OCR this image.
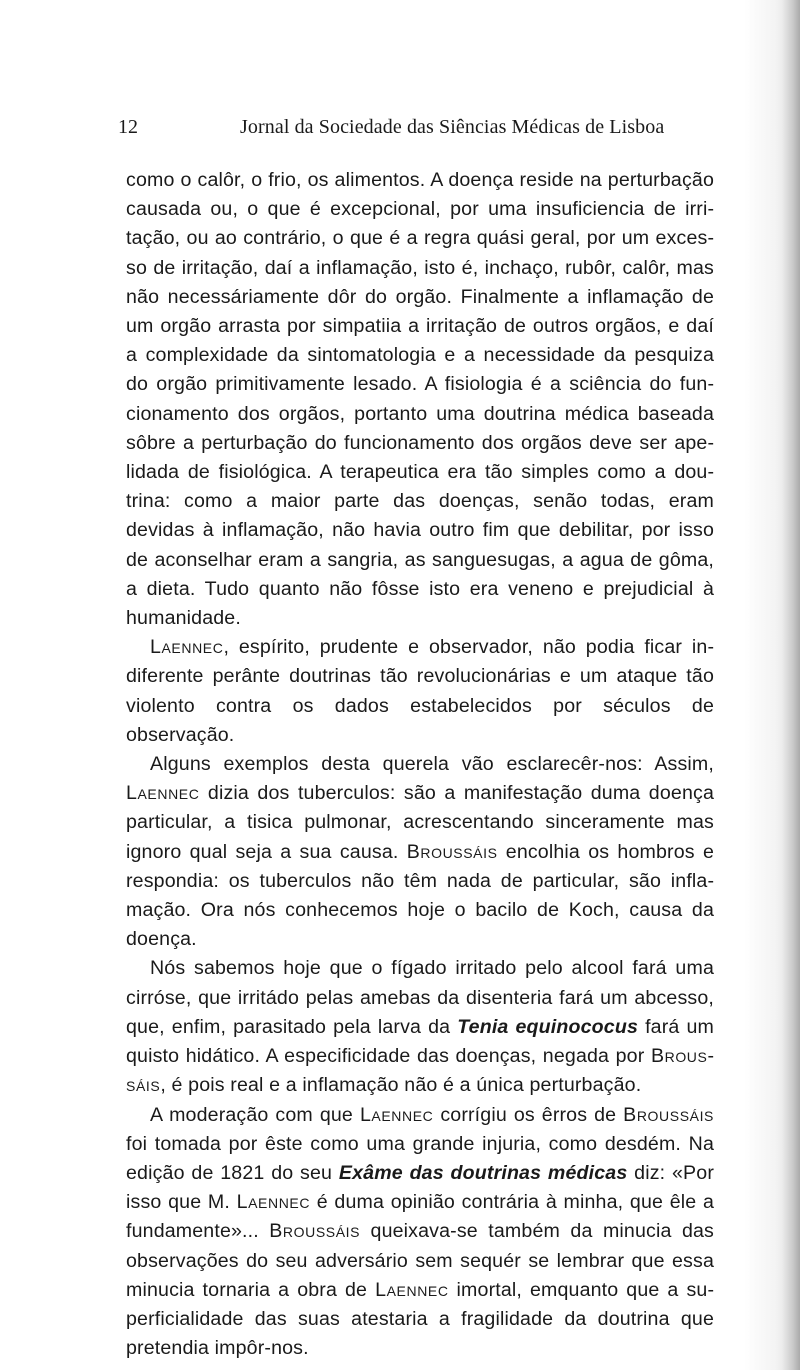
12	Jornal da Sociedade das Siências Médicas de Lisboa

como o calôr, o frio, os alimentos. A doença reside na perturbação causada ou, o que é excepcional, por uma insuficiencia de irritação, ou ao contrário, o que é a regra quási geral, por um excesso de irritação, daí a inflamação, isto é, inchaço, rubôr, calôr, mas não necessáriamente dôr do orgão. Finalmente a inflamação de um orgão arrasta por simpatiia a irritação de outros orgãos, e daí a complexidade da sintomatologia e a necessidade da pesquiza do orgão primitivamente lesado. A fisiologia é a sciência do funcionamento dos orgãos, portanto uma doutrina médica baseada sôbre a perturbação do funcionamento dos orgãos deve ser apelidada de fisiológica. A terapeutica era tão simples como a doutrina: como a maior parte das doenças, senão todas, eram devidas à inflamação, não havia outro fim que debilitar, por isso de aconselhar eram a sangria, as sanguesugas, a agua de gôma, a dieta. Tudo quanto não fôsse isto era veneno e prejudicial à humanidade.

Laennec, espírito, prudente e observador, não podia ficar indiferente perânte doutrinas tão revolucionárias e um ataque tão violento contra os dados estabelecidos por séculos de observação.

Alguns exemplos desta querela vão esclarecêr-nos: Assim, Laennec dizia dos tuberculos: são a manifestação duma doença particular, a tisica pulmonar, acrescentando sinceramente mas ignoro qual seja a sua causa. Broussáis encolhia os hombros e respondia: os tuberculos não têm nada de particular, são inflamação. Ora nós conhecemos hoje o bacilo de Koch, causa da doença.

Nós sabemos hoje que o fígado irritado pelo alcool fará uma cirróse, que irritádo pelas amebas da disenteria fará um abcesso, que, enfim, parasitado pela larva da Tenia equinococus fará um quisto hidático. A especificidade das doenças, negada por Broussáis, é pois real e a inflamação não é a única perturbação.

A moderação com que Laennec corrígiu os êrros de Broussáis foi tomada por êste como uma grande injuria, como desdém. Na edição de 1821 do seu Exâme das doutrinas médicas diz: «Por isso que M. Laennec é duma opinião contrária à minha, que êle a fundamente»... Broussáis queixava-se também da minucia das observações do seu adversário sem sequér se lembrar que essa minucia tornaria a obra de Laennec imortal, emquanto que a superficialidade das suas atestaria a fragilidade da doutrina que pretendia impôr-nos.
